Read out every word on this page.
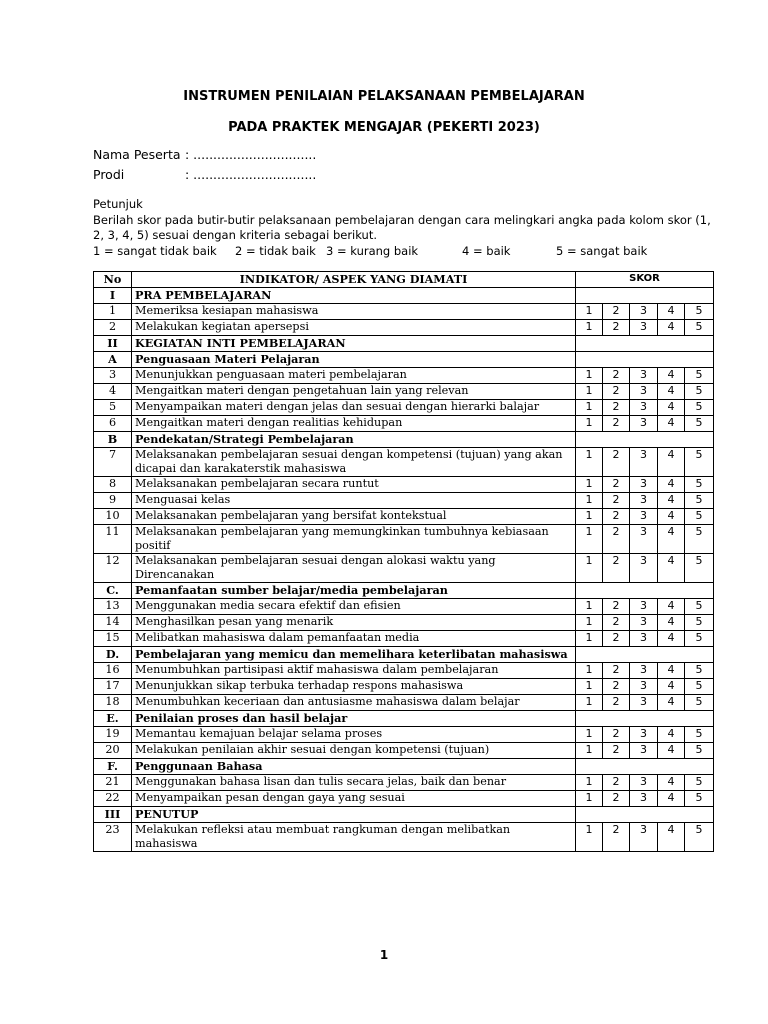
INSTRUMEN PENILAIAN PELAKSANAAN PEMBELAJARAN
PADA PRAKTEK MENGAJAR (PEKERTI 2023)
Nama Peserta : ...............................
Prodi	: ...............................
Petunjuk
Berilah skor pada butir-butir pelaksanaan pembelajaran dengan cara melingkari angka pada kolom skor (1, 2, 3, 4, 5) sesuai dengan kriteria sebagai berikut.
1 = sangat tidak baik 2 = tidak baik 3 = kurang baik	4 = baik	5 = sangat baik
No	INDIKATOR/ ASPEK YANG DIAMATI	SKOR				
I	PRA PEMBELAJARAN					
1	Memeriksa kesiapan mahasiswa	1	2	3	4	5
2	Melakukan kegiatan apersepsi	1	2	3	4	5
II	KEGIATAN INTI PEMBELAJARAN					
A	Penguasaan Materi Pelajaran					
3	Menunjukkan penguasaan materi pembelajaran	1	2	3	4	5
4	Mengaitkan materi dengan pengetahuan lain yang relevan	1	2	3	4	5
5	Menyampaikan materi dengan jelas dan sesuai dengan hierarki balajar	1	2	3	4	5
6	Mengaitkan materi dengan realitias kehidupan	1	2	3	4	5
B	Pendekatan/Strategi Pembelajaran					
7	Melaksanakan pembelajaran sesuai dengan kompetensi (tujuan) yang akan dicapai dan karakaterstik mahasiswa	1	2	3	4	5
8	Melaksanakan pembelajaran secara runtut	1	2	3	4	5
9	Menguasai kelas	1	2	3	4	5
10	Melaksanakan pembelajaran yang bersifat kontekstual	1	2	3	4	5
11	Melaksanakan pembelajaran yang memungkinkan tumbuhnya kebiasaan positif	1	2	3	4	5
12	Melaksanakan pembelajaran sesuai dengan alokasi waktu yang Direncanakan	1	2	3	4	5
C.	Pemanfaatan sumber belajar/media pembelajaran					
13	Menggunakan media secara efektif dan efisien	1	2	3	4	5
14	Menghasilkan pesan yang menarik	1	2	3	4	5
15	Melibatkan mahasiswa dalam pemanfaatan media	1	2	3	4	5
D.	Pembelajaran yang memicu dan memelihara keterlibatan mahasiswa					
16	Menumbuhkan partisipasi aktif mahasiswa dalam pembelajaran	1	2	3	4	5
17	Menunjukkan sikap terbuka terhadap respons mahasiswa	1	2	3	4	5
18	Menumbuhkan keceriaan dan antusiasme mahasiswa dalam belajar	1	2	3	4	5
E.	Penilaian proses dan hasil belajar					
19	Memantau kemajuan belajar selama proses	1	2	3	4	5
20	Melakukan penilaian akhir sesuai dengan kompetensi (tujuan)	1	2	3	4	5
F.	Penggunaan Bahasa					
21	Menggunakan bahasa lisan dan tulis secara jelas, baik dan benar	1	2	3	4	5
22	Menyampaikan pesan dengan gaya yang sesuai	1	2	3	4	5
III	PENUTUP					
23	Melakukan refleksi atau membuat rangkuman dengan melibatkan mahasiswa	1	2	3	4	5
1
